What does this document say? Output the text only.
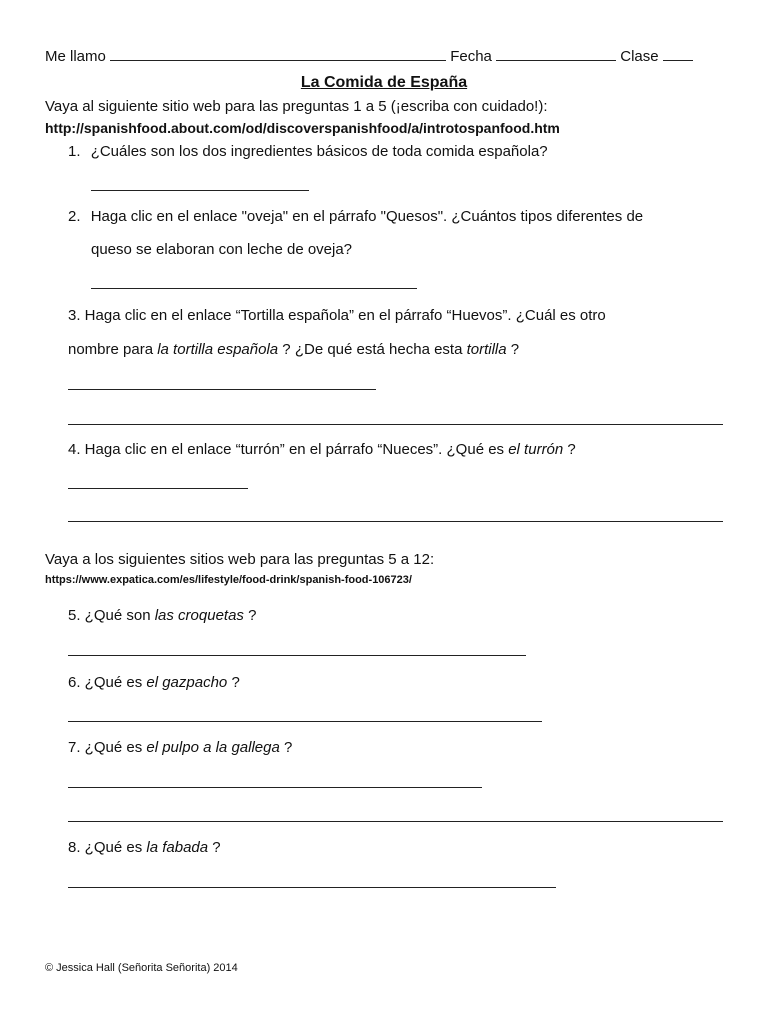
Me llamo	Fecha	Clase
La Comida de España
Vaya al siguiente sitio web para las preguntas 1 a 5 (¡escriba con cuidado!):
http://spanishfood.about.com/od/discoverspanishfood/a/introtospanfood.htm
1. ¿Cuáles son los dos ingredientes básicos de toda comida española?
2. Haga clic en el enlace "oveja" en el párrafo "Quesos". ¿Cuántos tipos diferentes de
queso se elaboran con leche de oveja?
3. Haga clic en el enlace “Tortilla española” en el párrafo “Huevos”. ¿Cuál es otro
nombre para la tortilla española ? ¿De qué está hecha esta tortilla ?
4. Haga clic en el enlace “turrón” en el párrafo “Nueces”. ¿Qué es el turrón ?
Vaya a los siguientes sitios web para las preguntas 5 a 12:
https://www.expatica.com/es/lifestyle/food-drink/spanish-food-106723/
5. ¿Qué son las croquetas ?
6. ¿Qué es el gazpacho ?
7. ¿Qué es el pulpo a la gallega ?
8. ¿Qué es la fabada ?
© Jessica Hall (Señorita Señorita) 2014
